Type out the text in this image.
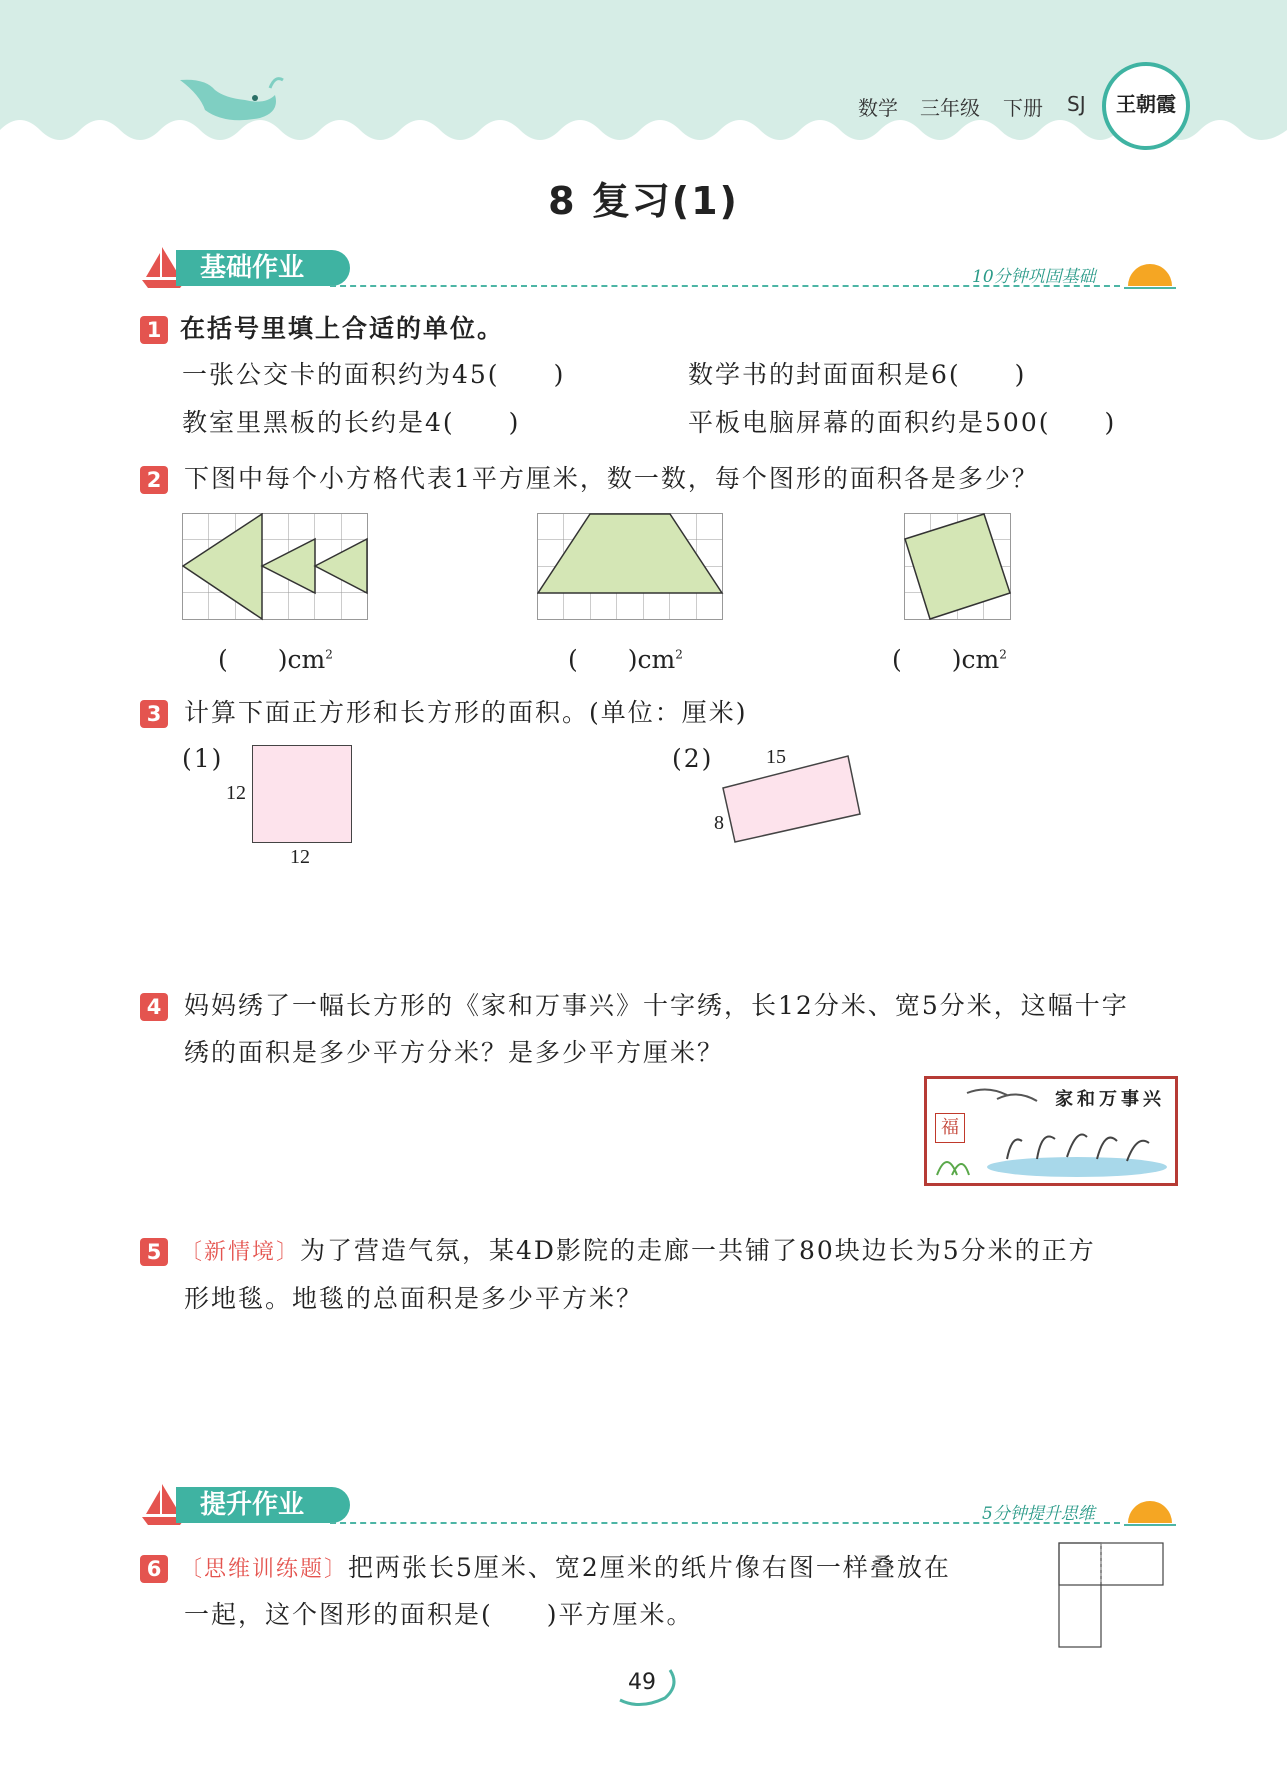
数学 三年级 下册 SJ	王朝霞
8 复习(1)
基础作业	10分钟巩固基础
1 在括号里填上合适的单位。
一张公交卡的面积约为45(　　)	数学书的封面面积是6(　　)
教室里黑板的长约是4(　　)	平板电脑屏幕的面积约是500(　　)
2 下图中每个小方格代表1平方厘米，数一数，每个图形的面积各是多少？
(　　)$cm^2$	(　　)$cm^2$	(　　)$cm^2$
3 计算下面正方形和长方形的面积。(单位：厘米)
(1)
12
12
(2)	15
8
4 妈妈绣了一幅长方形的《家和万事兴》十字绣，长12分米、宽5分米，这幅十字
绣的面积是多少平方分米？是多少平方厘米？
家和万事兴
福
5 〔新情境〕为了营造气氛，某4D影院的走廊一共铺了80块边长为5分米的正方
形地毯。地毯的总面积是多少平方米？
提升作业	5分钟提升思维
6 〔思维训练题〕把两张长5厘米、宽2厘米的纸片像右图一样叠放在
一起，这个图形的面积是(　　)平方厘米。
49
